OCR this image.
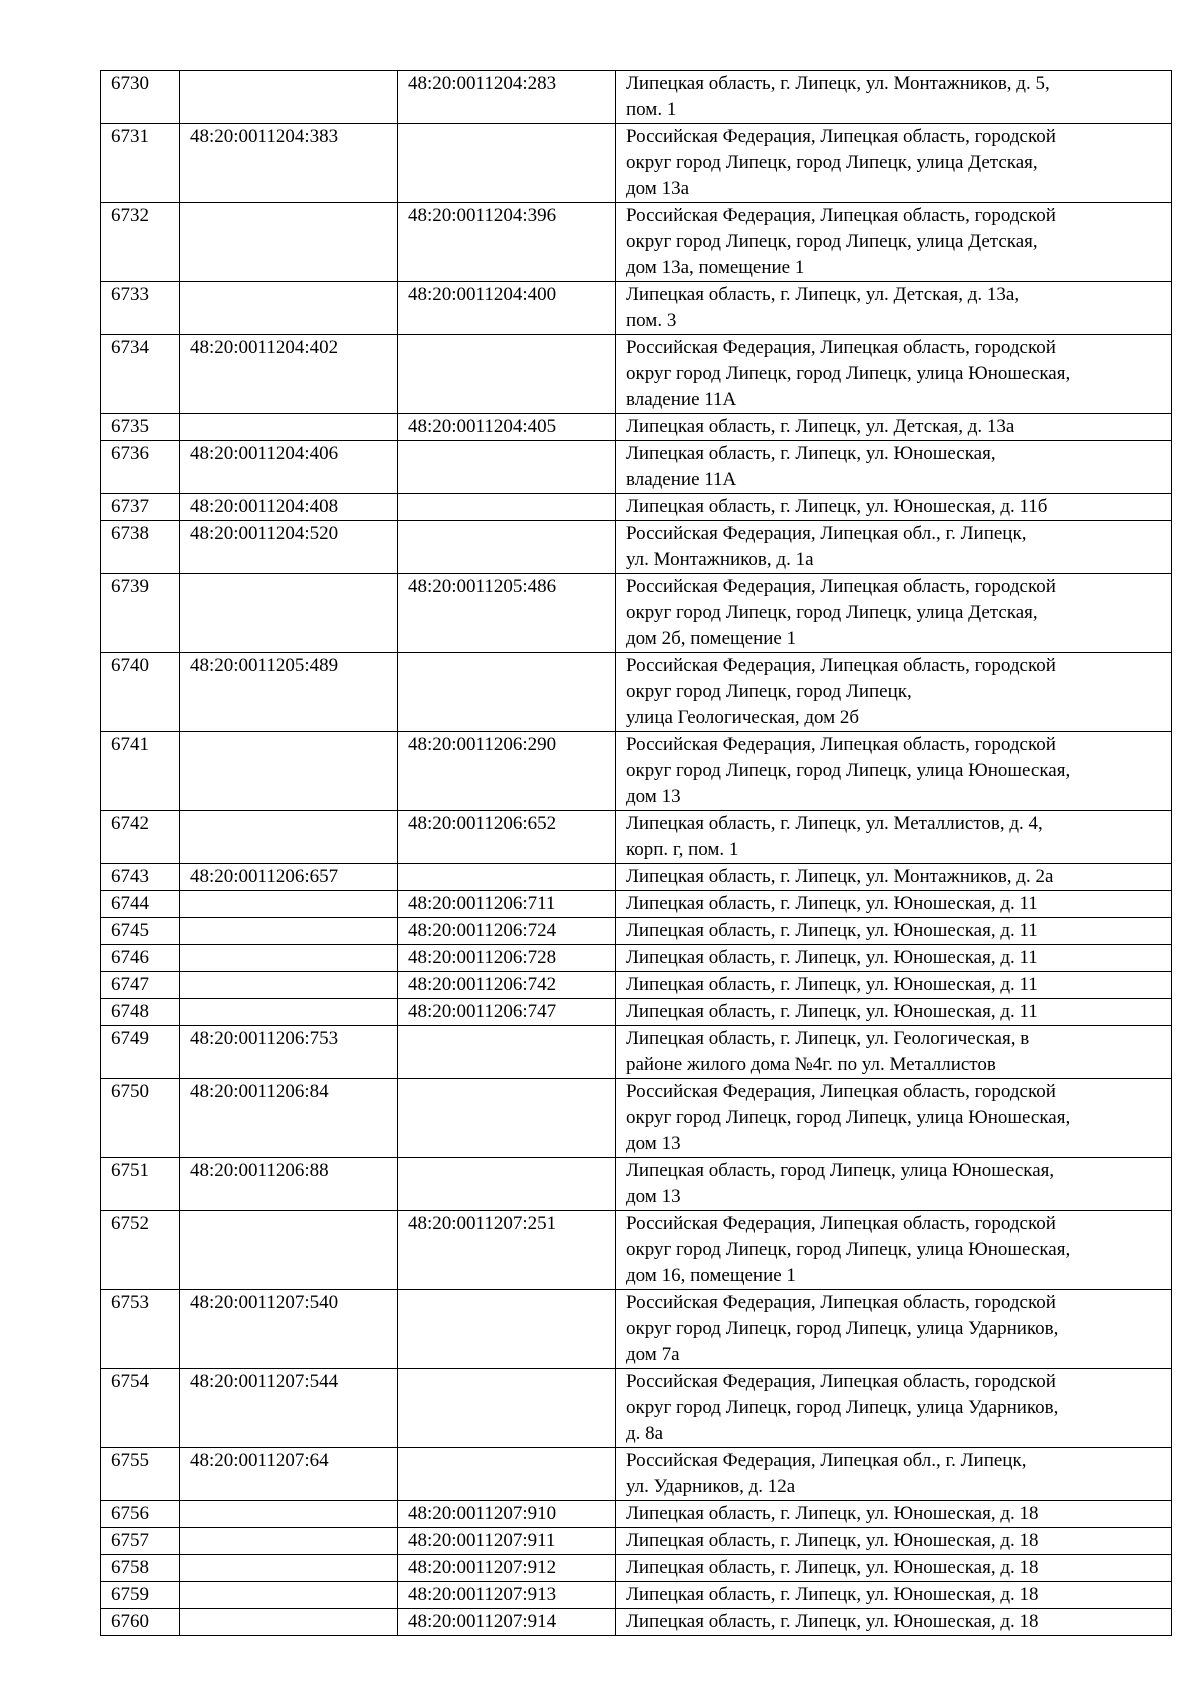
6730		48:20:0011204:283	Липецкая область, г. Липецк, ул. Монтажников, д. 5,
пом. 1
6731	48:20:0011204:383		Российская Федерация, Липецкая область, городской
округ город Липецк, город Липецк, улица Детская,
дом 13а
6732		48:20:0011204:396	Российская Федерация, Липецкая область, городской
округ город Липецк, город Липецк, улица Детская,
дом 13а, помещение 1
6733		48:20:0011204:400	Липецкая область, г. Липецк, ул. Детская, д. 13а,
пом. 3
6734	48:20:0011204:402		Российская Федерация, Липецкая область, городской
округ город Липецк, город Липецк, улица Юношеская,
владение 11А
6735		48:20:0011204:405	Липецкая область, г. Липецк, ул. Детская, д. 13а
6736	48:20:0011204:406		Липецкая область, г. Липецк, ул. Юношеская,
владение 11А
6737	48:20:0011204:408		Липецкая область, г. Липецк, ул. Юношеская, д. 11б
6738	48:20:0011204:520		Российская Федерация, Липецкая обл., г. Липецк,
ул. Монтажников, д. 1а
6739		48:20:0011205:486	Российская Федерация, Липецкая область, городской
округ город Липецк, город Липецк, улица Детская,
дом 2б, помещение 1
6740	48:20:0011205:489		Российская Федерация, Липецкая область, городской
округ город Липецк, город Липецк,
улица Геологическая, дом 2б
6741		48:20:0011206:290	Российская Федерация, Липецкая область, городской
округ город Липецк, город Липецк, улица Юношеская,
дом 13
6742		48:20:0011206:652	Липецкая область, г. Липецк, ул. Металлистов, д. 4,
корп. г, пом. 1
6743	48:20:0011206:657		Липецкая область, г. Липецк, ул. Монтажников, д. 2а
6744		48:20:0011206:711	Липецкая область, г. Липецк, ул. Юношеская, д. 11
6745		48:20:0011206:724	Липецкая область, г. Липецк, ул. Юношеская, д. 11
6746		48:20:0011206:728	Липецкая область, г. Липецк, ул. Юношеская, д. 11
6747		48:20:0011206:742	Липецкая область, г. Липецк, ул. Юношеская, д. 11
6748		48:20:0011206:747	Липецкая область, г. Липецк, ул. Юношеская, д. 11
6749	48:20:0011206:753		Липецкая область, г. Липецк, ул. Геологическая, в
районе жилого дома №4г. по ул. Металлистов
6750	48:20:0011206:84		Российская Федерация, Липецкая область, городской
округ город Липецк, город Липецк, улица Юношеская,
дом 13
6751	48:20:0011206:88		Липецкая область, город Липецк, улица Юношеская,
дом 13
6752		48:20:0011207:251	Российская Федерация, Липецкая область, городской
округ город Липецк, город Липецк, улица Юношеская,
дом 16, помещение 1
6753	48:20:0011207:540		Российская Федерация, Липецкая область, городской
округ город Липецк, город Липецк, улица Ударников,
дом 7а
6754	48:20:0011207:544		Российская Федерация, Липецкая область, городской
округ город Липецк, город Липецк, улица Ударников,
д. 8а
6755	48:20:0011207:64		Российская Федерация, Липецкая обл., г. Липецк,
ул. Ударников, д. 12а
6756		48:20:0011207:910	Липецкая область, г. Липецк, ул. Юношеская, д. 18
6757		48:20:0011207:911	Липецкая область, г. Липецк, ул. Юношеская, д. 18
6758		48:20:0011207:912	Липецкая область, г. Липецк, ул. Юношеская, д. 18
6759		48:20:0011207:913	Липецкая область, г. Липецк, ул. Юношеская, д. 18
6760		48:20:0011207:914	Липецкая область, г. Липецк, ул. Юношеская, д. 18
